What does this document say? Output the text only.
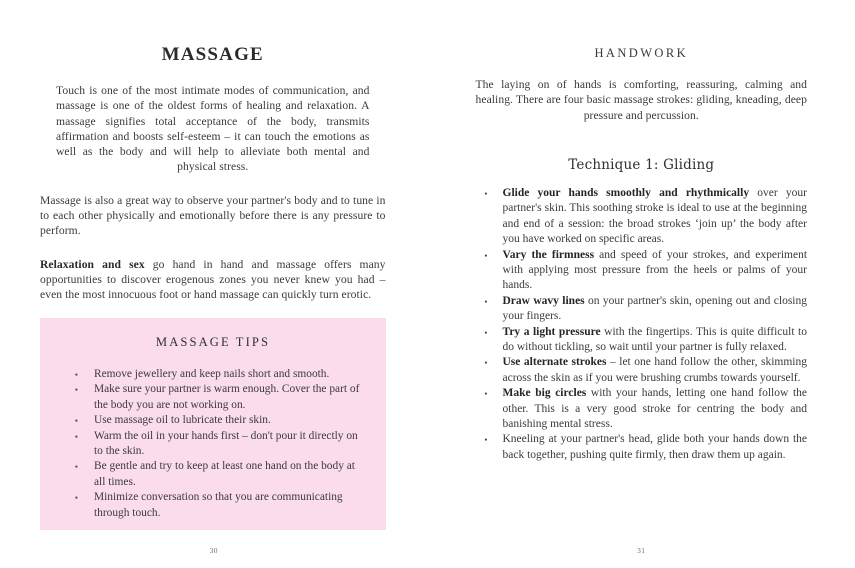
MASSAGE

Touch is one of the most intimate modes of communication, and massage is one of the oldest forms of healing and relaxation. A massage signifies total acceptance of the body, transmits affirmation and boosts self-esteem – it can touch the emotions as well as the body and will help to alleviate both mental and physical stress.

Massage is also a great way to observe your partner's body and to tune in to each other physically and emotionally before there is any pressure to perform.

Relaxation and sex go hand in hand and massage offers many opportunities to discover erogenous zones you never knew you had – even the most innocuous foot or hand massage can quickly turn erotic.

MASSAGE TIPS
▪ Remove jewellery and keep nails short and smooth.
▪ Make sure your partner is warm enough. Cover the part of the body you are not working on.
▪ Use massage oil to lubricate their skin.
▪ Warm the oil in your hands first – don't pour it directly on to the skin.
▪ Be gentle and try to keep at least one hand on the body at all times.
▪ Minimize conversation so that you are communicating through touch.
30
HANDWORK

The laying on of hands is comforting, reassuring, calming and healing. There are four basic massage strokes: gliding, kneading, deep pressure and percussion.

Technique 1: Gliding
▪ Glide your hands smoothly and rhythmically over your partner's skin. This soothing stroke is ideal to use at the beginning and end of a session: the broad strokes ‘join up’ the body after you have worked on specific areas.
▪ Vary the firmness and speed of your strokes, and experiment with applying most pressure from the heels or palms of your hands.
▪ Draw wavy lines on your partner's skin, opening out and closing your fingers.
▪ Try a light pressure with the fingertips. This is quite difficult to do without tickling, so wait until your partner is fully relaxed.
▪ Use alternate strokes – let one hand follow the other, skimming across the skin as if you were brushing crumbs towards yourself.
▪ Make big circles with your hands, letting one hand follow the other. This is a very good stroke for centring the body and banishing mental stress.
▪ Kneeling at your partner's head, glide both your hands down the back together, pushing quite firmly, then draw them up again.
31
